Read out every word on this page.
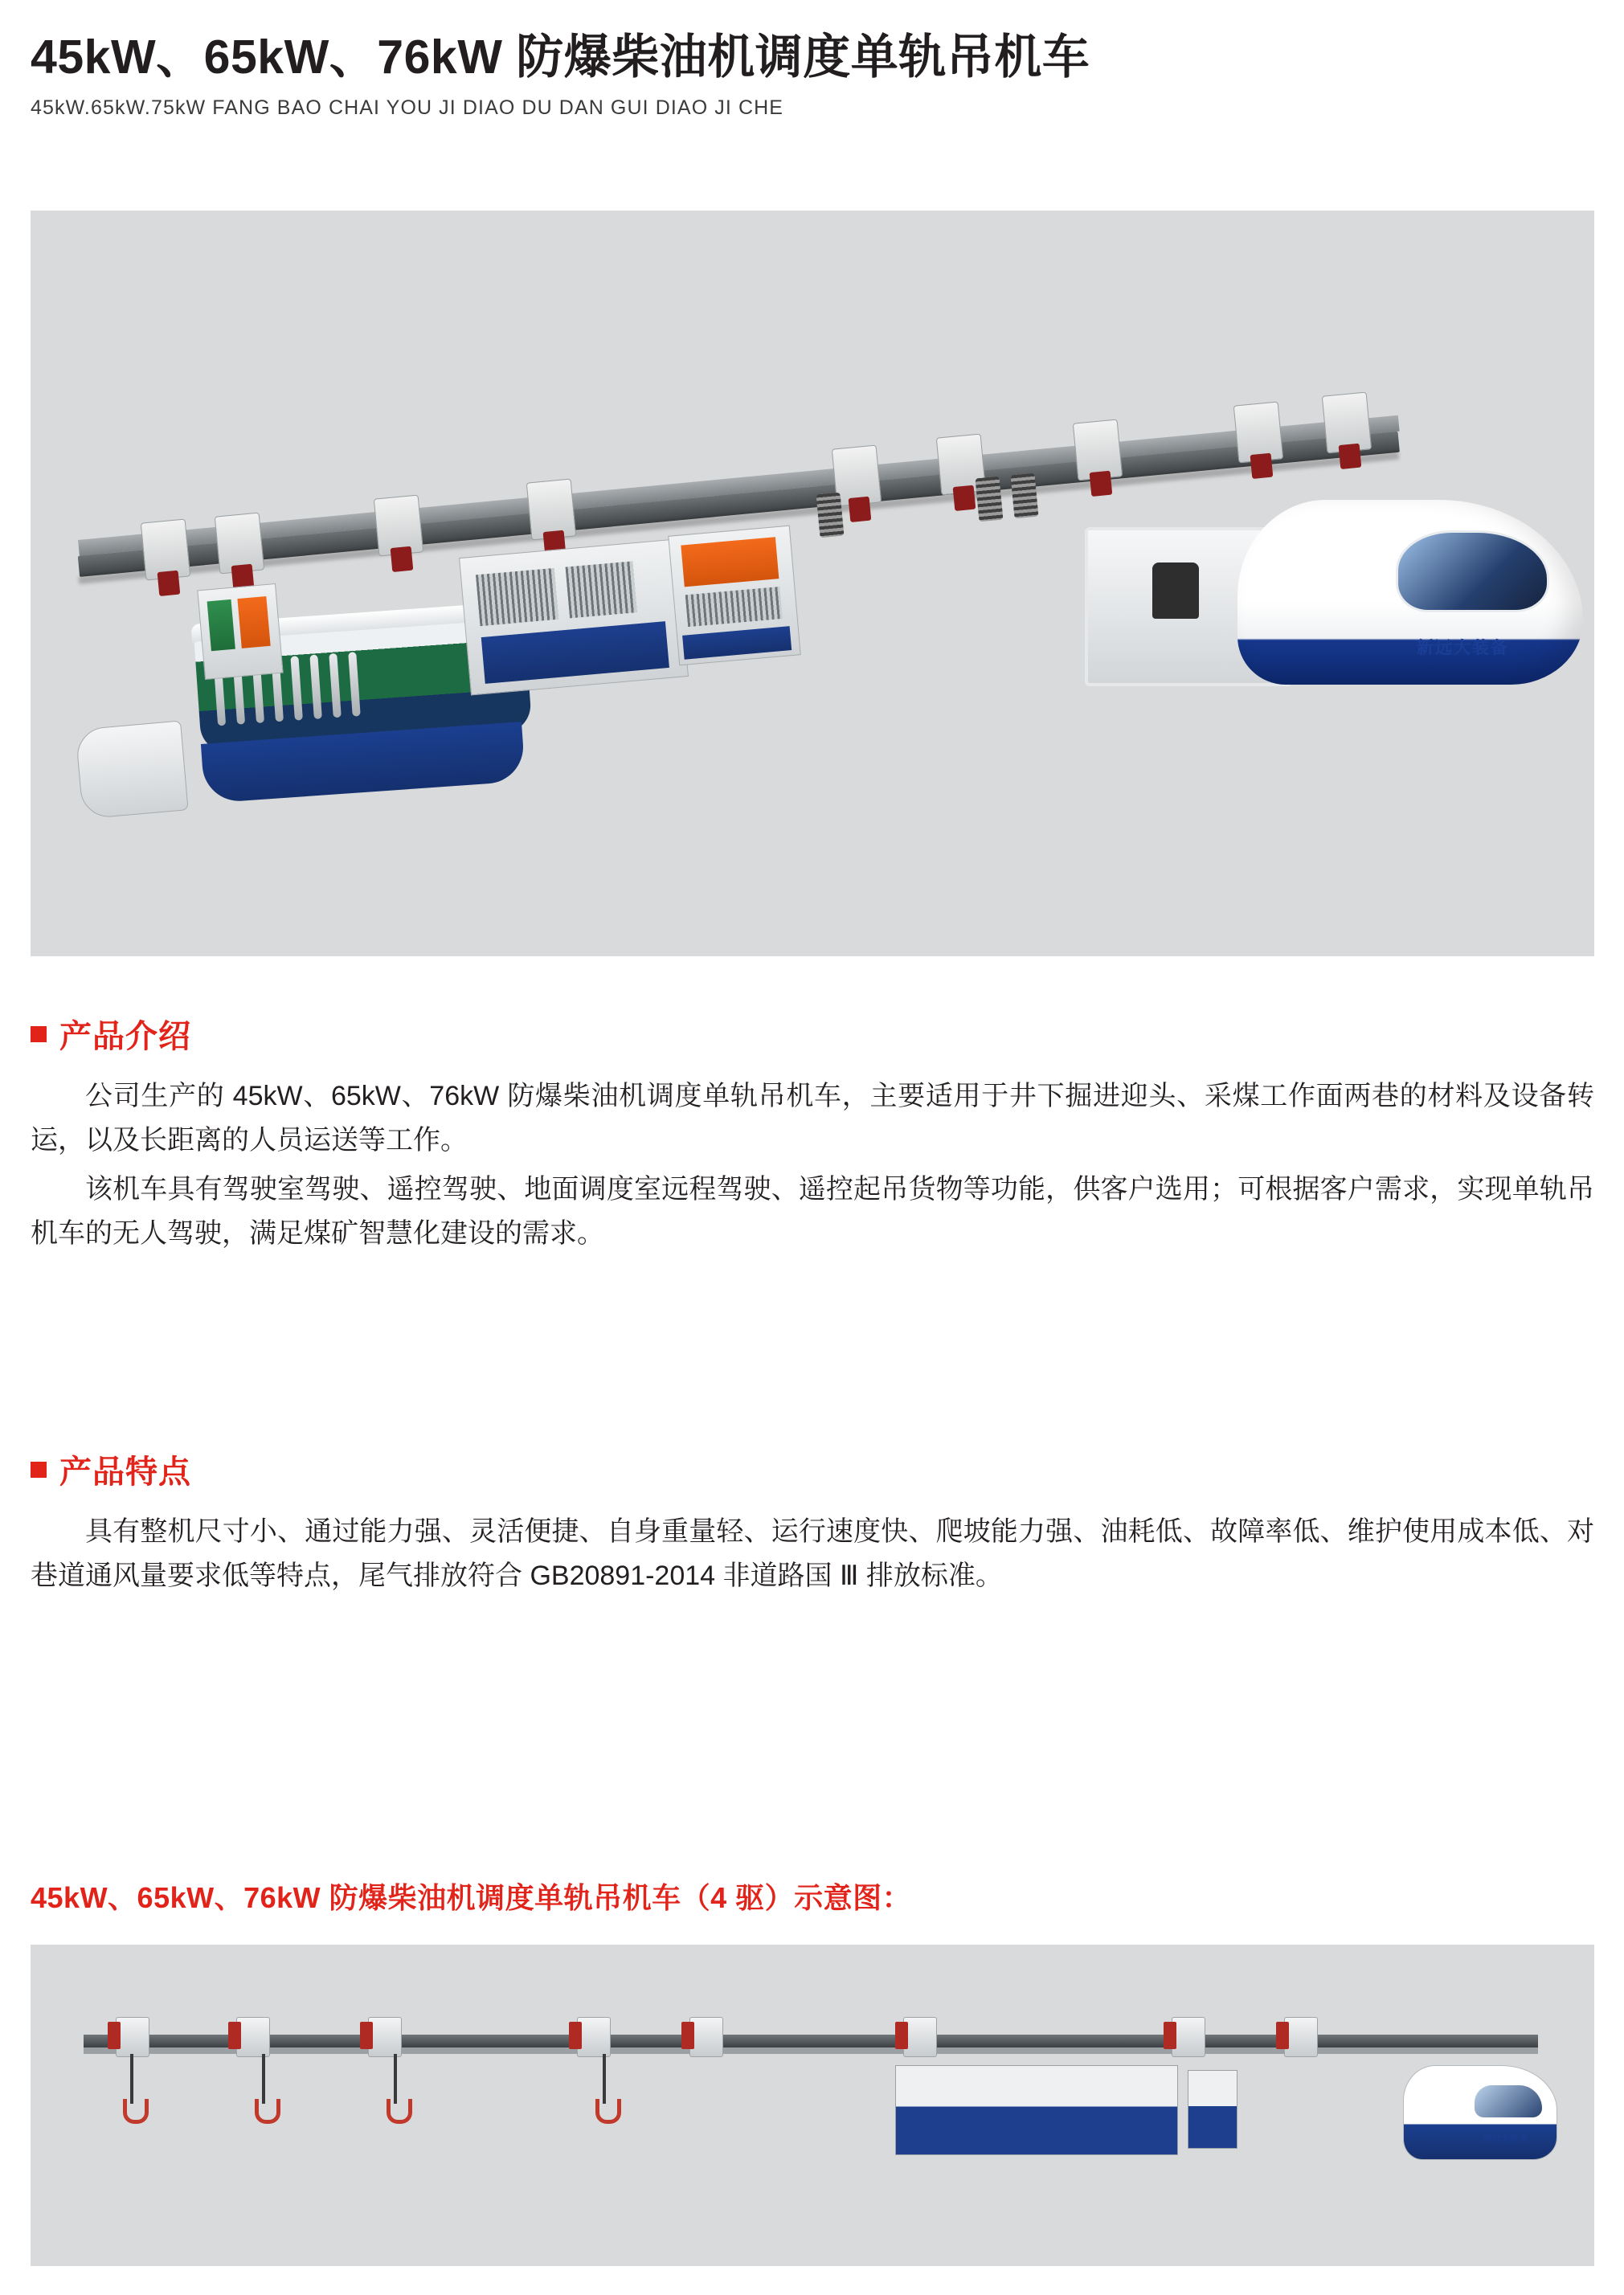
45kW、65kW、76kW 防爆柴油机调度单轨吊机车
45kW.65kW.75kW FANG BAO CHAI YOU JI DIAO DU DAN GUI DIAO JI CHE
新远大装备
产品介绍
公司生产的 45kW、65kW、76kW 防爆柴油机调度单轨吊机车，主要适用于井下掘进迎头、采煤工作面两巷的材料及设备转运，以及长距离的人员运送等工作。
该机车具有驾驶室驾驶、遥控驾驶、地面调度室远程驾驶、遥控起吊货物等功能，供客户选用；可根据客户需求，实现单轨吊机车的无人驾驶，满足煤矿智慧化建设的需求。
产品特点
具有整机尺寸小、通过能力强、灵活便捷、自身重量轻、运行速度快、爬坡能力强、油耗低、故障率低、维护使用成本低、对巷道通风量要求低等特点，尾气排放符合 GB20891-2014 非道路国 Ⅲ 排放标准。
45kW、65kW、76kW 防爆柴油机调度单轨吊机车（4 驱）示意图：
新远大装备
